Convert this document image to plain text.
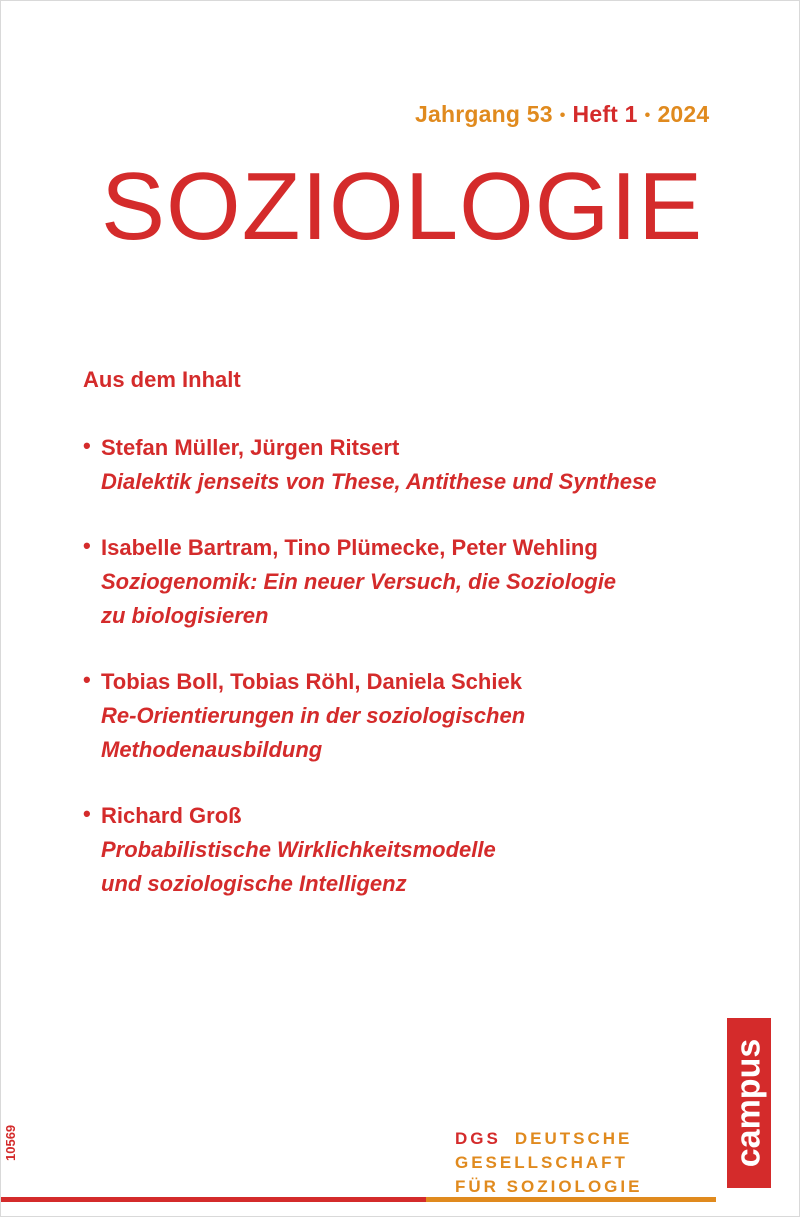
Jahrgang 53 • Heft 1 • 2024
SOZIOLOGIE
Aus dem Inhalt
• Stefan Müller, Jürgen Ritsert
Dialektik jenseits von These, Antithese und Synthese
• Isabelle Bartram, Tino Plümecke, Peter Wehling
Soziogenomik: Ein neuer Versuch, die Soziologie
zu biologisieren
• Tobias Boll, Tobias Röhl, Daniela Schiek
Re-Orientierungen in der soziologischen
Methodenausbildung
• Richard Groß
Probabilistische Wirklichkeitsmodelle
und soziologische Intelligenz
campus
DGS DEUTSCHE
GESELLSCHAFT
FÜR SOZIOLOGIE
10569
